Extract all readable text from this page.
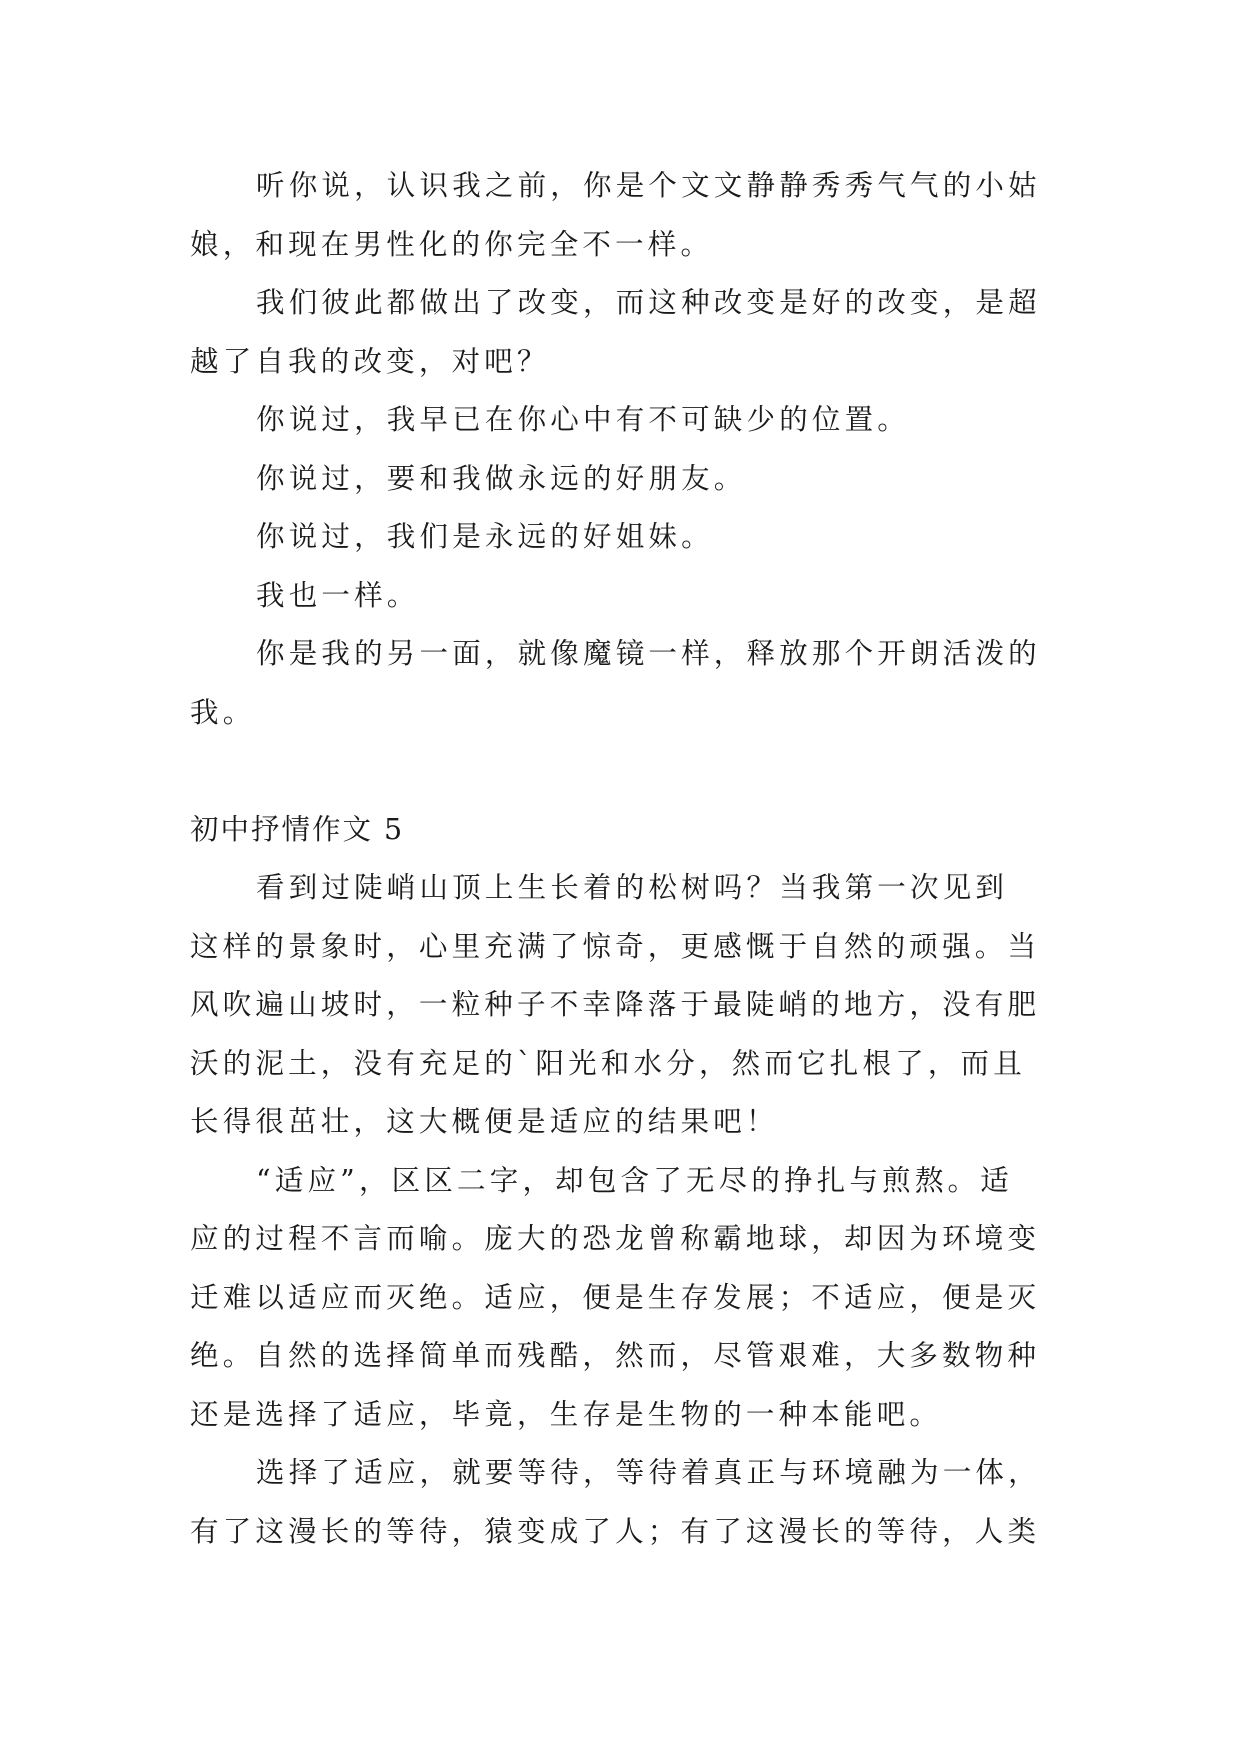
听你说，认识我之前，你是个文文静静秀秀气气的小姑
娘，和现在男性化的你完全不一样。
我们彼此都做出了改变，而这种改变是好的改变，是超
越了自我的改变，对吧？
你说过，我早已在你心中有不可缺少的位置。
你说过，要和我做永远的好朋友。
你说过，我们是永远的好姐妹。
我也一样。
你是我的另一面，就像魔镜一样，释放那个开朗活泼的
我。
初中抒情作文 5
看到过陡峭山顶上生长着的松树吗？当我第一次见到
这样的景象时，心里充满了惊奇，更感慨于自然的顽强。当
风吹遍山坡时，一粒种子不幸降落于最陡峭的地方，没有肥
沃的泥土，没有充足的`阳光和水分，然而它扎根了，而且
长得很茁壮，这大概便是适应的结果吧！
“适应”，区区二字，却包含了无尽的挣扎与煎熬。适
应的过程不言而喻。庞大的恐龙曾称霸地球，却因为环境变
迁难以适应而灭绝。适应，便是生存发展；不适应，便是灭
绝。自然的选择简单而残酷，然而，尽管艰难，大多数物种
还是选择了适应，毕竟，生存是生物的一种本能吧。
选择了适应，就要等待，等待着真正与环境融为一体，
有了这漫长的等待，猿变成了人；有了这漫长的等待，人类
